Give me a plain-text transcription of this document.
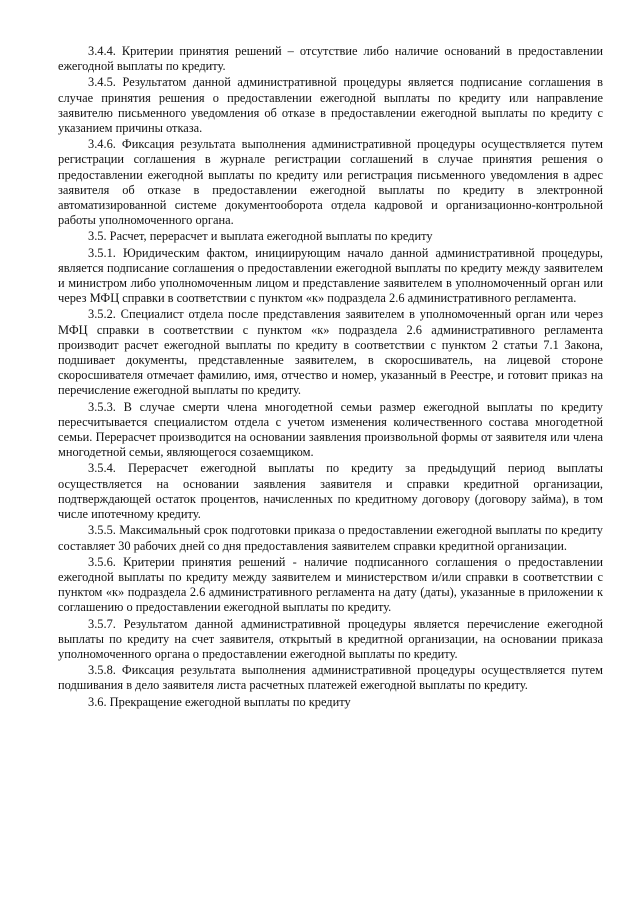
3.4.4. Критерии принятия решений – отсутствие либо наличие оснований в предоставлении ежегодной выплаты по кредиту.

3.4.5. Результатом данной административной процедуры является подписание соглашения в случае принятия решения о предоставлении ежегодной выплаты по кредиту или направление заявителю письменного уведомления об отказе в предоставлении ежегодной выплаты по кредиту с указанием причины отказа.

3.4.6. Фиксация результата выполнения административной процедуры осуществляется путем регистрации соглашения в журнале регистрации соглашений в случае принятия решения о предоставлении ежегодной выплаты по кредиту или регистрация письменного уведомления в адрес заявителя об отказе в предоставлении ежегодной выплаты по кредиту в электронной автоматизированной системе документооборота отдела кадровой и организационно-контрольной работы уполномоченного органа.

3.5. Расчет, перерасчет и выплата ежегодной выплаты по кредиту

3.5.1. Юридическим фактом, инициирующим начало данной административной процедуры, является подписание соглашения о предоставлении ежегодной выплаты по кредиту между заявителем и министром либо уполномоченным лицом и представление заявителем в уполномоченный орган или через МФЦ справки в соответствии с пунктом «к» подраздела 2.6 административного регламента.

3.5.2. Специалист отдела после представления заявителем в уполномоченный орган или через МФЦ справки в соответствии с пунктом «к» подраздела 2.6 административного регламента производит расчет ежегодной выплаты по кредиту в соответствии с пунктом 2 статьи 7.1 Закона, подшивает документы, представленные заявителем, в скоросшиватель, на лицевой стороне скоросшивателя отмечает фамилию, имя, отчество и номер, указанный в Реестре, и готовит приказ на перечисление ежегодной выплаты по кредиту.

3.5.3. В случае смерти члена многодетной семьи размер ежегодной выплаты по кредиту пересчитывается специалистом отдела с учетом изменения количественного состава многодетной семьи. Перерасчет производится на основании заявления произвольной формы от заявителя или члена многодетной семьи, являющегося созаемщиком.

3.5.4. Перерасчет ежегодной выплаты по кредиту за предыдущий период выплаты осуществляется на основании заявления заявителя и справки кредитной организации, подтверждающей остаток процентов, начисленных по кредитному договору (договору займа), в том числе ипотечному кредиту.

3.5.5. Максимальный срок подготовки приказа о предоставлении ежегодной выплаты по кредиту составляет 30 рабочих дней со дня предоставления заявителем справки кредитной организации.

3.5.6. Критерии принятия решений - наличие подписанного соглашения о предоставлении ежегодной выплаты по кредиту между заявителем и министерством и/или справки в соответствии с пунктом «к» подраздела 2.6 административного регламента на дату (даты), указанные в приложении к соглашению о предоставлении ежегодной выплаты по кредиту.

3.5.7. Результатом данной административной процедуры является перечисление ежегодной выплаты по кредиту на счет заявителя, открытый в кредитной организации, на основании приказа уполномоченного органа о предоставлении ежегодной выплаты по кредиту.

3.5.8. Фиксация результата выполнения административной процедуры осуществляется путем подшивания в дело заявителя листа расчетных платежей ежегодной выплаты по кредиту.

3.6. Прекращение ежегодной выплаты по кредиту
